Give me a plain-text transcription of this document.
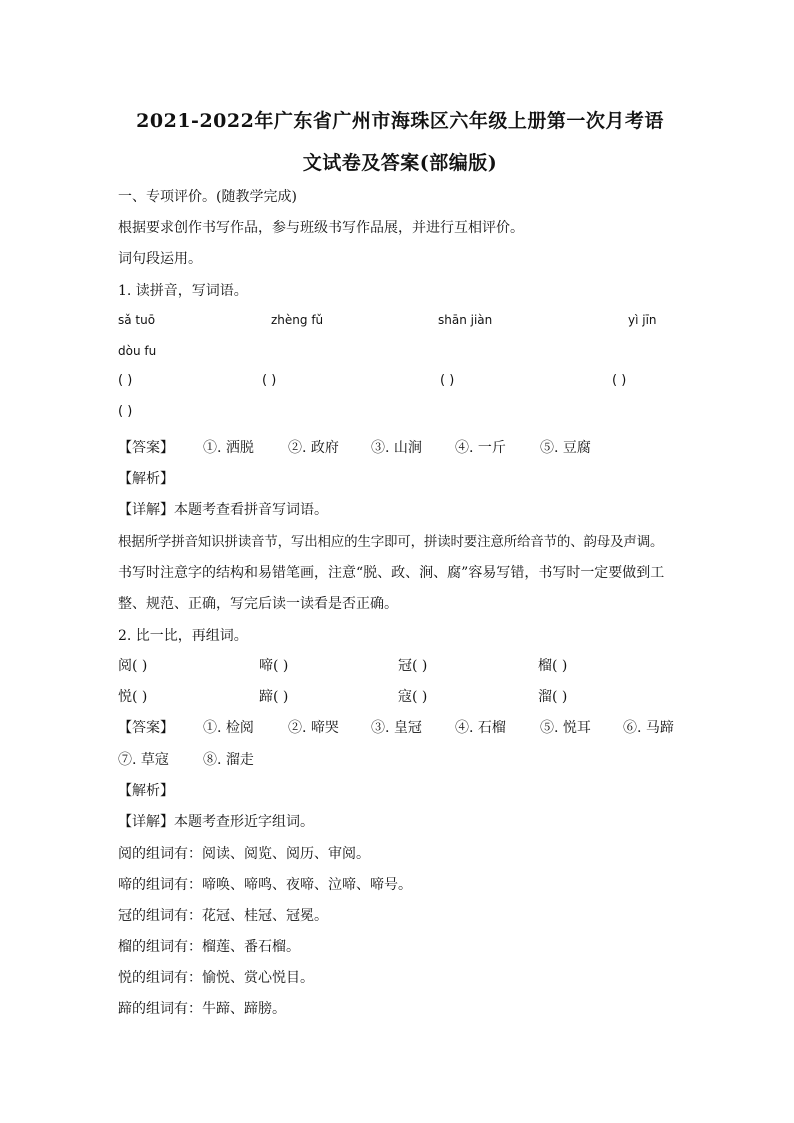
2021-2022年广东省广州市海珠区六年级上册第一次月考语
文试卷及答案(部编版)
一、专项评价。(随教学完成)
根据要求创作书写作品，参与班级书写作品展，并进行互相评价。
词句段运用。
1. 读拼音，写词语。
sǎ tuō	zhèng fǔ	shān jiàn	yì jīn
dòu fu
( )	( )	( )	( )
( )
【答案】 ①. 洒脱 ②. 政府 ③. 山涧 ④. 一斤 ⑤. 豆腐
【解析】
【详解】本题考查看拼音写词语。
根据所学拼音知识拼读音节，写出相应的生字即可，拼读时要注意所给音节的、韵母及声调。
书写时注意字的结构和易错笔画，注意“脱、政、涧、腐”容易写错，书写时一定要做到工
整、规范、正确，写完后读一读看是否正确。
2. 比一比，再组词。
阅( )	啼( )	冠( )	榴( )
悦( )	蹄( )	寇( )	溜( )
【答案】 ①. 检阅 ②. 啼哭 ③. 皇冠 ④. 石榴 ⑤. 悦耳 ⑥. 马蹄
⑦. 草寇 ⑧. 溜走
【解析】
【详解】本题考查形近字组词。
阅的组词有：阅读、阅览、阅历、审阅。
啼的组词有：啼唤、啼鸣、夜啼、泣啼、啼号。
冠的组词有：花冠、桂冠、冠冕。
榴的组词有：榴莲、番石榴。
悦的组词有：愉悦、赏心悦目。
蹄的组词有：牛蹄、蹄膀。
